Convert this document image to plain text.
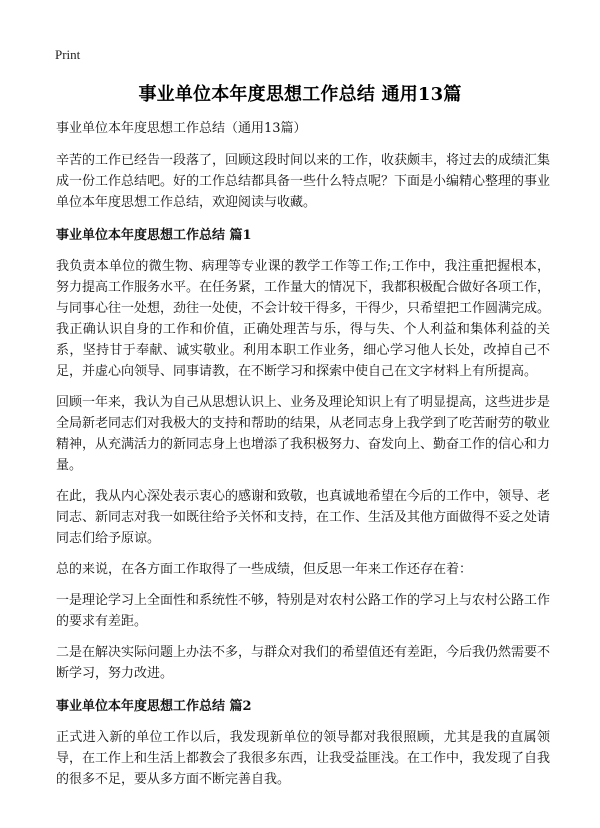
Print
事业单位本年度思想工作总结 通用13篇

事业单位本年度思想工作总结（通用13篇）

辛苦的工作已经告一段落了，回顾这段时间以来的工作，收获颇丰，将过去的成绩汇集成一份工作总结吧。好的工作总结都具备一些什么特点呢？下面是小编精心整理的事业单位本年度思想工作总结，欢迎阅读与收藏。

事业单位本年度思想工作总结 篇1

我负责本单位的微生物、病理等专业课的教学工作等工作;工作中，我注重把握根本，努力提高工作服务水平。在任务紧，工作量大的情况下，我都积极配合做好各项工作，与同事心往一处想，劲往一处使，不会计较干得多，干得少，只希望把工作圆满完成。我正确认识自身的工作和价值，正确处理苦与乐，得与失、个人利益和集体利益的关系，坚持甘于奉献、诚实敬业。利用本职工作业务，细心学习他人长处，改掉自己不足，并虚心向领导、同事请教，在不断学习和探索中使自己在文字材料上有所提高。

回顾一年来，我认为自己从思想认识上、业务及理论知识上有了明显提高，这些进步是全局新老同志们对我极大的支持和帮助的结果，从老同志身上我学到了吃苦耐劳的敬业精神，从充满活力的新同志身上也增添了我积极努力、奋发向上、勤奋工作的信心和力量。

在此，我从内心深处表示衷心的感谢和致敬，也真诚地希望在今后的工作中，领导、老同志、新同志对我一如既往给予关怀和支持，在工作、生活及其他方面做得不妥之处请同志们给予原谅。

总的来说，在各方面工作取得了一些成绩，但反思一年来工作还存在着：

一是理论学习上全面性和系统性不够，特别是对农村公路工作的学习上与农村公路工作的要求有差距。

二是在解决实际问题上办法不多，与群众对我们的希望值还有差距，今后我仍然需要不断学习，努力改进。

事业单位本年度思想工作总结 篇2

正式进入新的单位工作以后，我发现新单位的领导都对我很照顾，尤其是我的直属领导，在工作上和生活上都教会了我很多东西，让我受益匪浅。在工作中，我发现了自我的很多不足，要从多方面不断完善自我。
